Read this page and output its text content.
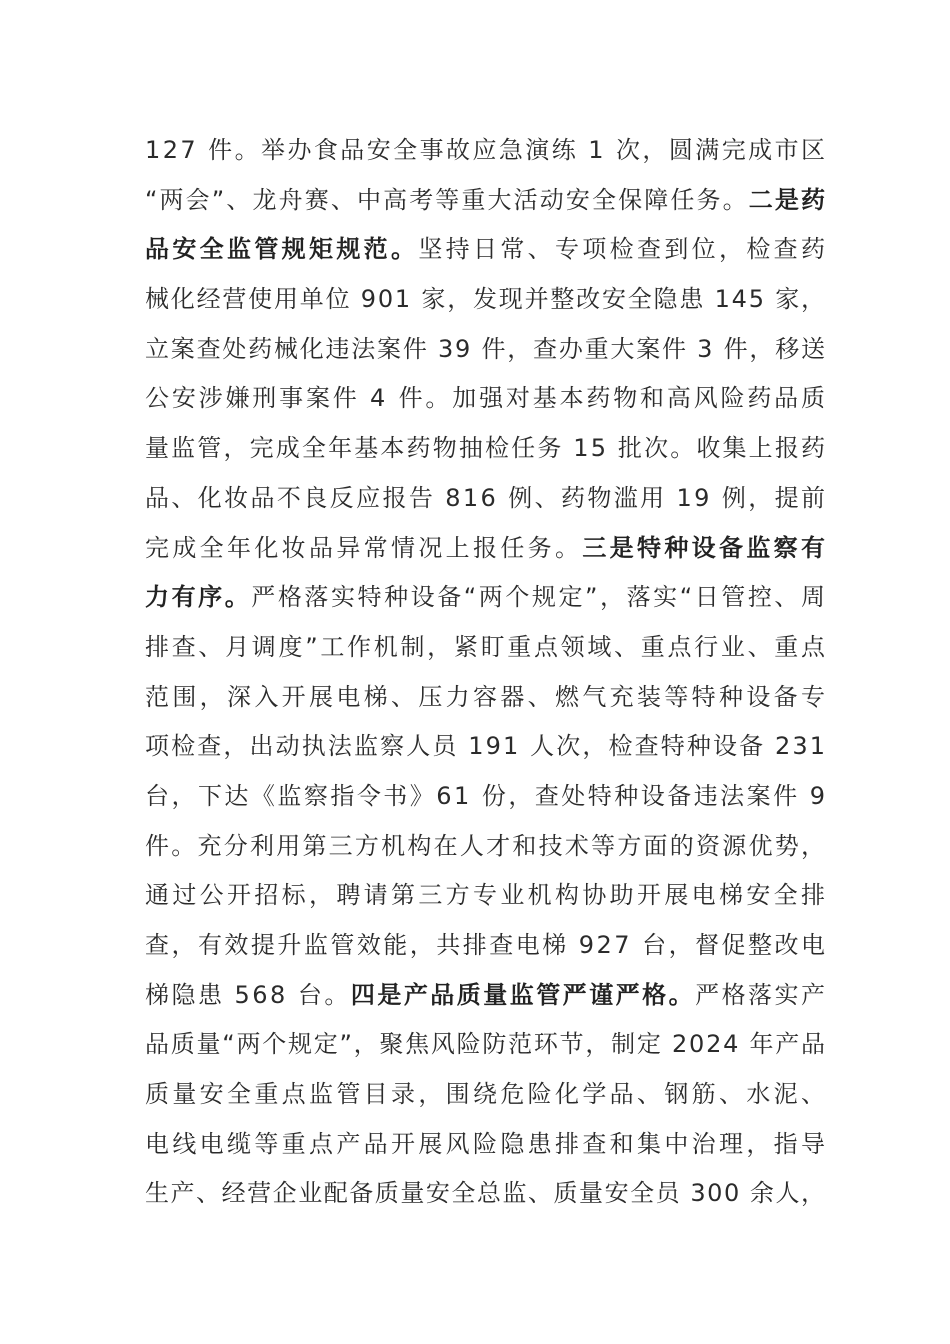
127 件。举办食品安全事故应急演练 1 次，圆满完成市区
“两会”、龙舟赛、中高考等重大活动安全保障任务。二是药
品安全监管规矩规范。坚持日常、专项检查到位，检查药
械化经营使用单位 901 家，发现并整改安全隐患 145 家，
立案查处药械化违法案件 39 件，查办重大案件 3 件，移送
公安涉嫌刑事案件 4 件。加强对基本药物和高风险药品质
量监管，完成全年基本药物抽检任务 15 批次。收集上报药
品、化妆品不良反应报告 816 例、药物滥用 19 例，提前
完成全年化妆品异常情况上报任务。三是特种设备监察有
力有序。严格落实特种设备“两个规定”，落实“日管控、周
排查、月调度”工作机制，紧盯重点领域、重点行业、重点
范围，深入开展电梯、压力容器、燃气充装等特种设备专
项检查，出动执法监察人员 191 人次，检查特种设备 231
台，下达《监察指令书》61 份，查处特种设备违法案件 9
件。充分利用第三方机构在人才和技术等方面的资源优势，
通过公开招标，聘请第三方专业机构协助开展电梯安全排
查，有效提升监管效能，共排查电梯 927 台，督促整改电
梯隐患 568 台。四是产品质量监管严谨严格。严格落实产
品质量“两个规定”，聚焦风险防范环节，制定 2024 年产品
质量安全重点监管目录，围绕危险化学品、钢筋、水泥、
电线电缆等重点产品开展风险隐患排查和集中治理，指导
生产、经营企业配备质量安全总监、质量安全员 300 余人，
